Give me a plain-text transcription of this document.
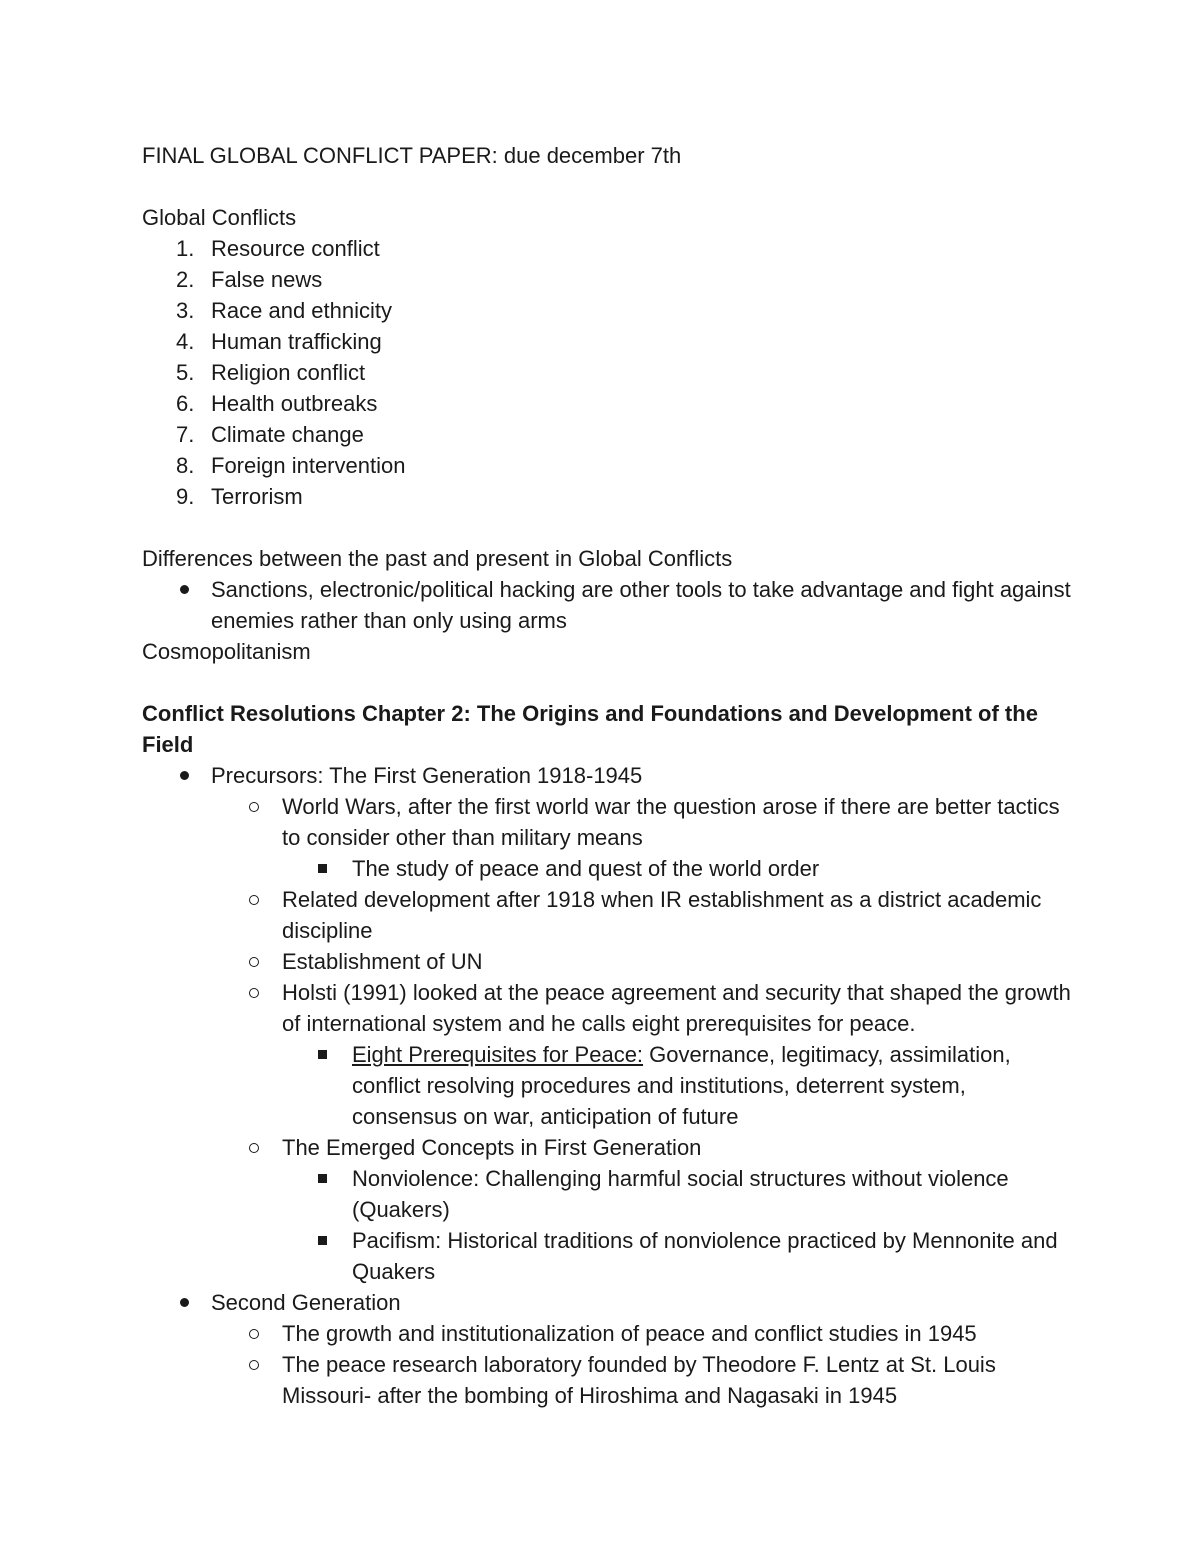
FINAL GLOBAL CONFLICT PAPER: due december 7th
Global Conflicts
1. Resource conflict
2. False news
3. Race and ethnicity
4. Human trafficking
5. Religion conflict
6. Health outbreaks
7. Climate change
8. Foreign intervention
9. Terrorism
Differences between the past and present in Global Conflicts
Sanctions, electronic/political hacking are other tools to take advantage and fight against enemies rather than only using arms
Cosmopolitanism
Conflict Resolutions Chapter 2: The Origins and Foundations and Development of the Field
Precursors: The First Generation 1918-1945
World Wars, after the first world war the question arose if there are better tactics to consider other than military means
The study of peace and quest of the world order
Related development after 1918 when IR establishment as a district academic discipline
Establishment of UN
Holsti (1991) looked at the peace agreement and security that shaped the growth of international system and he calls eight prerequisites for peace.
Eight Prerequisites for Peace: Governance, legitimacy, assimilation, conflict resolving procedures and institutions, deterrent system, consensus on war, anticipation of future
The Emerged Concepts in First Generation
Nonviolence: Challenging harmful social structures without violence (Quakers)
Pacifism: Historical traditions of nonviolence practiced by Mennonite and Quakers
Second Generation
The growth and institutionalization of peace and conflict studies in 1945
The peace research laboratory founded by Theodore F. Lentz at St. Louis Missouri- after the bombing of Hiroshima and Nagasaki in 1945
